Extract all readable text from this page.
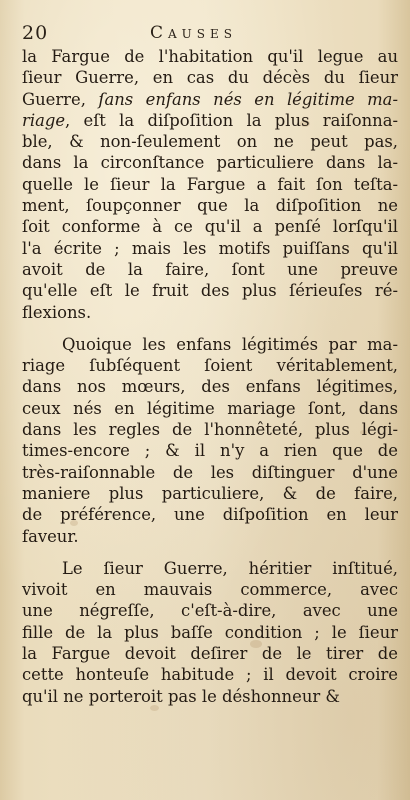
20	Causes

la Fargue de l'habitation qu'il legue au
ſieur Guerre, en cas du décès du ſieur
Guerre, ſans enfans nés en légitime ma-
riage, eſt la diſpoſition la plus raiſonna-
ble, & non-ſeulement on ne peut pas,
dans la circonſtance particuliere dans la-
quelle le ſieur la Fargue a fait ſon teſta-
ment, ſoupçonner que la diſpoſition ne
ſoit conforme à ce qu'il a penſé lorſqu'il
l'a écrite ; mais les motifs puiſſans qu'il
avoit de la faire, ſont une preuve
qu'elle eſt le fruit des plus ſérieuſes ré-
flexions.

Quoique les enfans légitimés par ma-
riage ſubſéquent ſoient véritablement,
dans nos mœurs, des enfans légitimes,
ceux nés en légitime mariage ſont, dans
dans les regles de l'honnêteté, plus légi-
times-encore ; & il n'y a rien que de
très-raiſonnable de les diſtinguer d'une
maniere plus particuliere, & de faire,
de préférence, une diſpoſition en leur
faveur.

Le ſieur Guerre, héritier inſtitué,
vivoit en mauvais commerce, avec
une négreſſe, c'eſt-à-dire, avec une
fille de la plus baſſe condition ; le ſieur
la Fargue devoit deſirer de le tirer de
cette honteuſe habitude ; il devoit croire
qu'il ne porteroit pas le déshonneur &
